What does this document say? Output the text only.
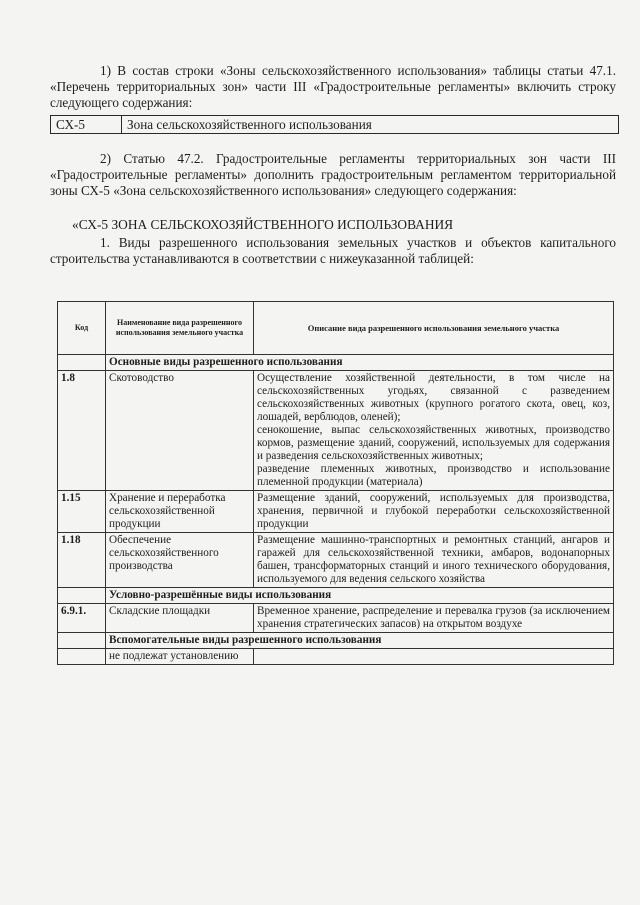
1) В состав строки «Зоны сельскохозяйственного использования» таблицы статьи 47.1. «Перечень территориальных зон» части III «Градостроительные регламенты» включить строку следующего содержания:

СХ-5	Зона сельскохозяйственного использования

2) Статью 47.2. Градостроительные регламенты территориальных зон части III «Градостроительные регламенты» дополнить градостроительным регламентом территориальной зоны СХ-5 «Зона сельскохозяйственного использования» следующего содержания:

«СХ-5 ЗОНА СЕЛЬСКОХОЗЯЙСТВЕННОГО ИСПОЛЬЗОВАНИЯ

1. Виды разрешенного использования земельных участков и объектов капитального строительства устанавливаются в соответствии с нижеуказанной таблицей:

Код	Наименование вида разрешенного использования земельного участка	Описание вида разрешенного использования земельного участка
	Основные виды разрешенного использования	
1.8	Скотоводство	Осуществление хозяйственной деятельности, в том числе на сельскохозяйственных угодьях, связанной с разведением сельскохозяйственных животных (крупного рогатого скота, овец, коз, лошадей, верблюдов, оленей);
сенокошение, выпас сельскохозяйственных животных, производство кормов, размещение зданий, сооружений, используемых для содержания и разведения сельскохозяйственных животных;
разведение племенных животных, производство и использование племенной продукции (материала)
1.15	Хранение и переработка сельскохозяйственной продукции	Размещение зданий, сооружений, используемых для производства, хранения, первичной и глубокой переработки сельскохозяйственной продукции
1.18	Обеспечение сельскохозяйственного производства	Размещение машинно-транспортных и ремонтных станций, ангаров и гаражей для сельскохозяйственной техники, амбаров, водонапорных башен, трансформаторных станций и иного технического оборудования, используемого для ведения сельского хозяйства
	Условно-разрешённые виды использования	
6.9.1.	Складские площадки	Временное хранение, распределение и перевалка грузов (за исключением хранения стратегических запасов) на открытом воздухе
	Вспомогательные виды разрешенного использования	
	не подлежат установлению	
